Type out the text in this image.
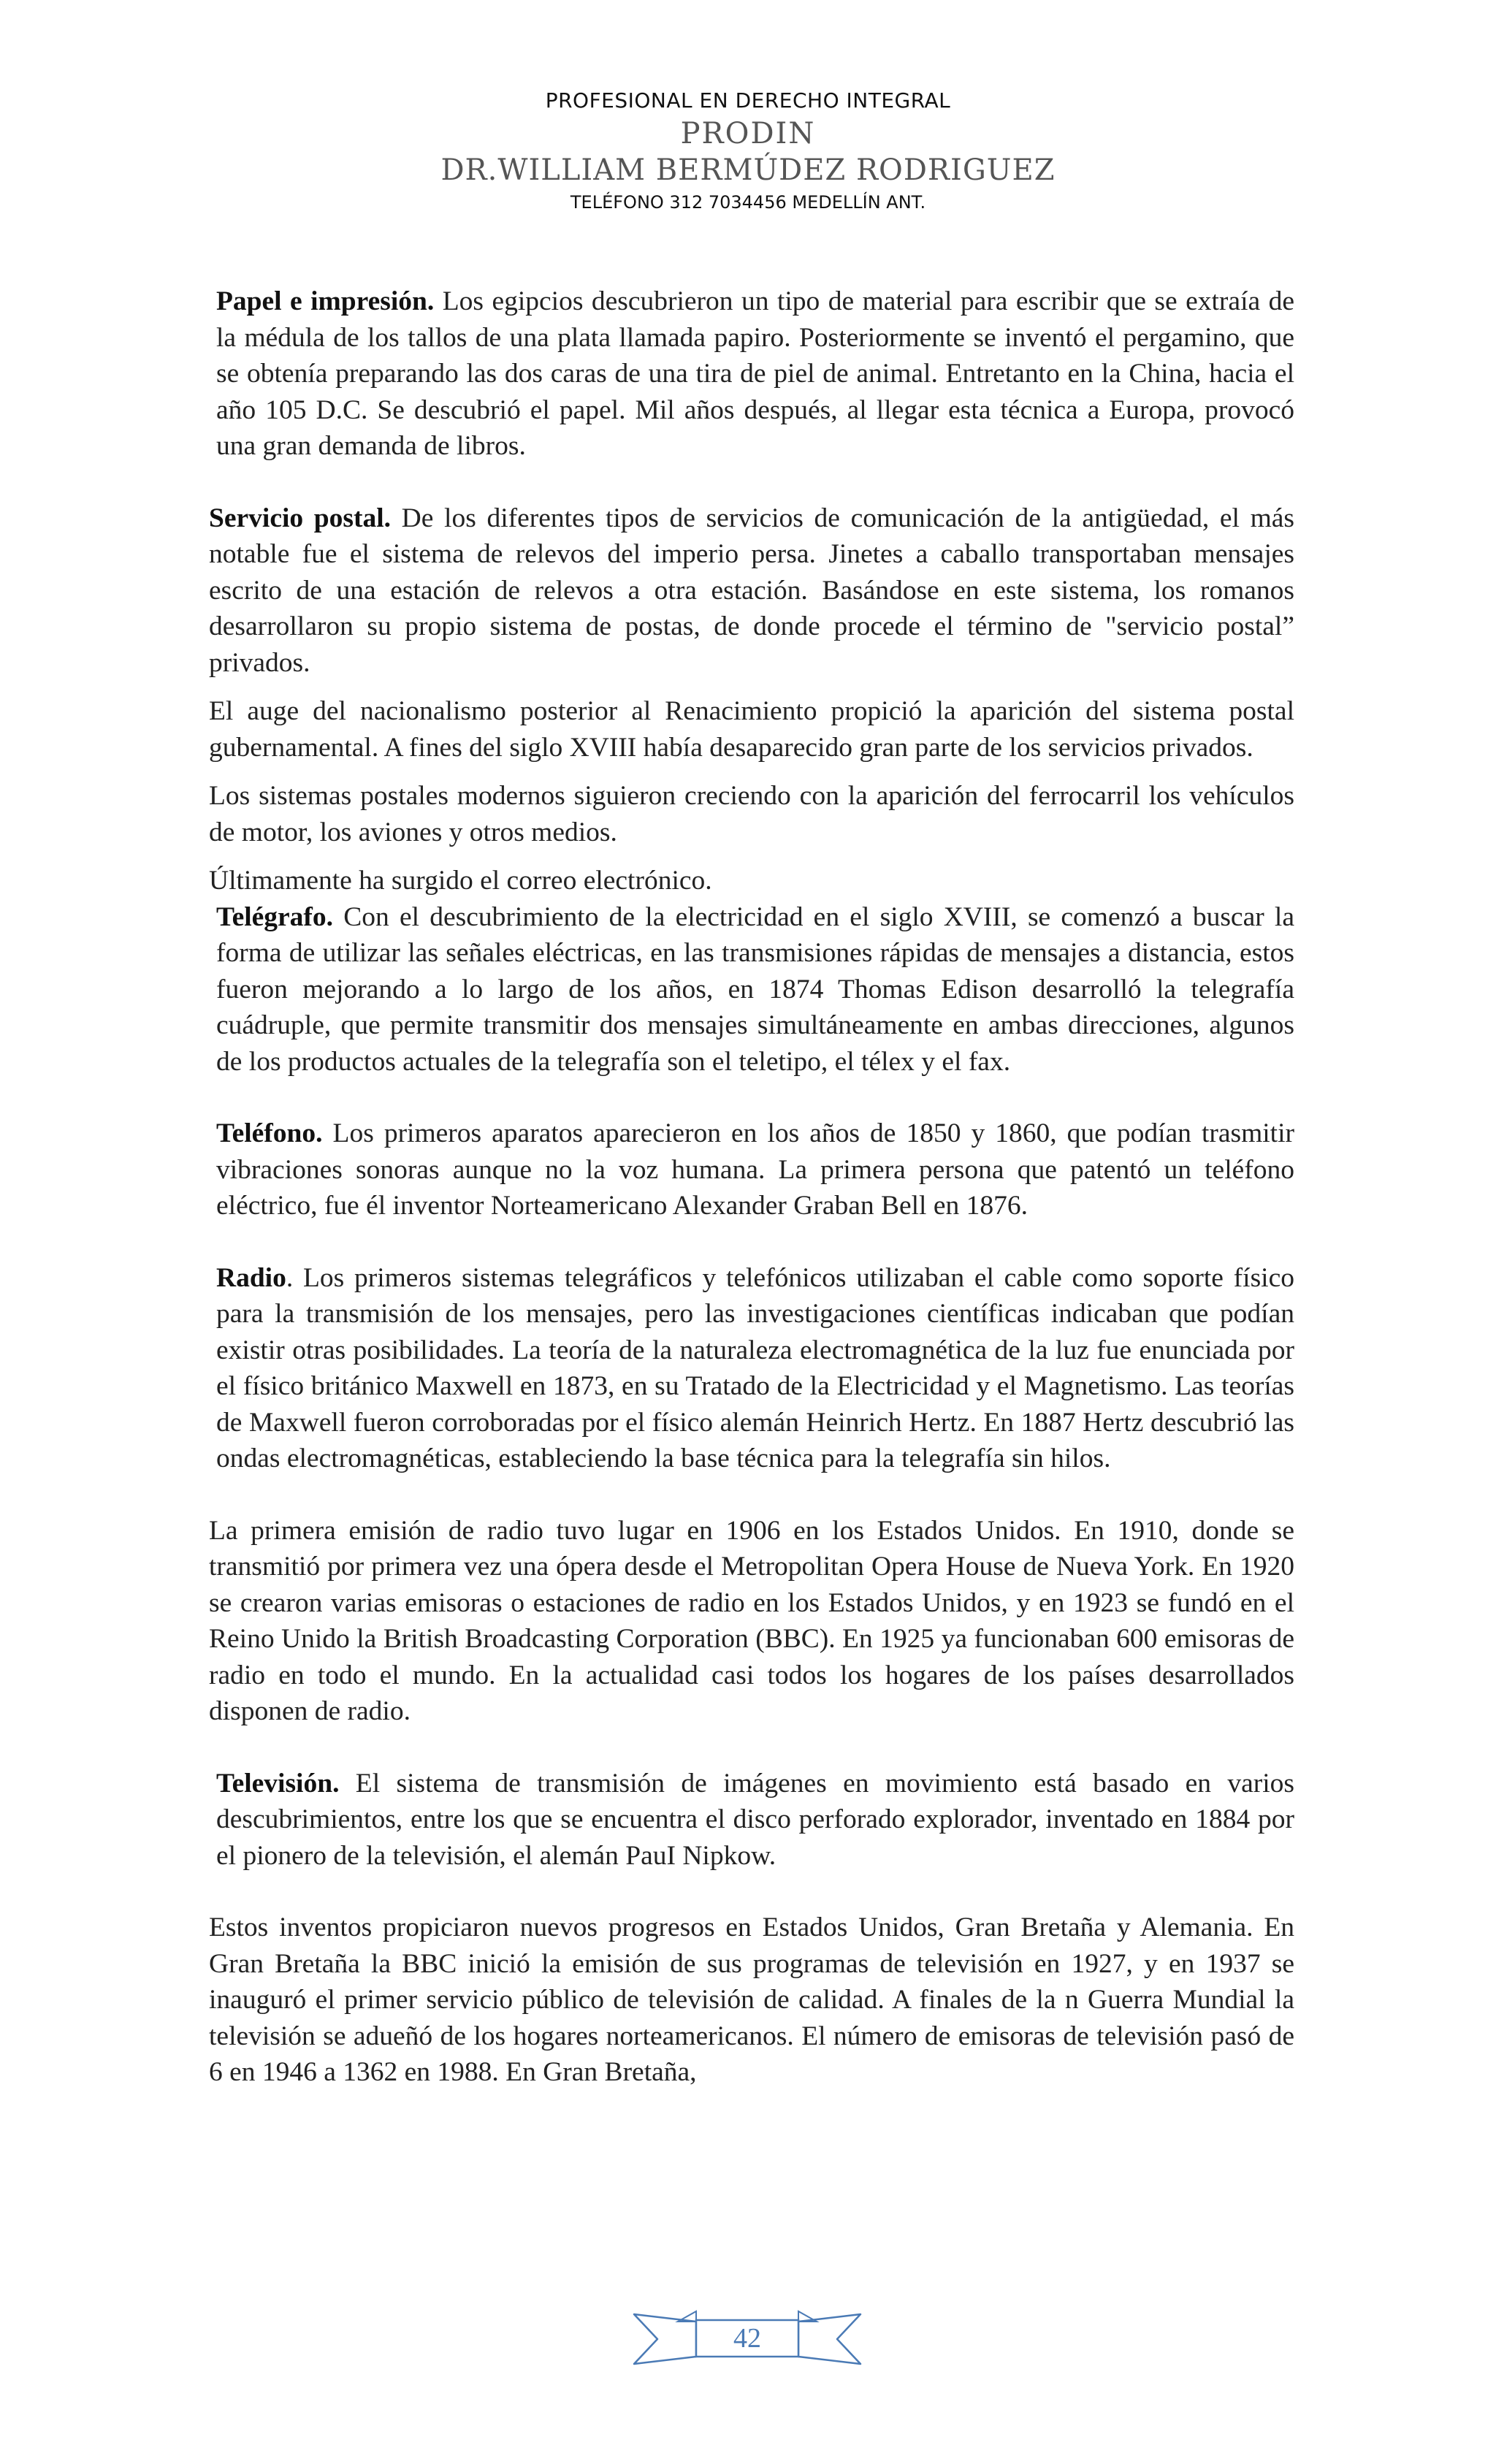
PROFESIONAL EN DERECHO INTEGRAL
PRODIN
DR.WILLIAM BERMÚDEZ RODRIGUEZ
TELÉFONO 312 7034456 MEDELLÍN ANT.

Papel e impresión. Los egipcios descubrieron un tipo de material para escribir que se extraía de la médula de los tallos de una plata llamada papiro. Posteriormente se inventó el pergamino, que se obtenía preparando las dos caras de una tira de piel de animal. Entretanto en la China, hacia el año 105 D.C. Se descubrió el papel. Mil años después, al llegar esta técnica a Europa, provocó una gran demanda de libros.

Servicio postal. De los diferentes tipos de servicios de comunicación de la antigüedad, el más notable fue el sistema de relevos del imperio persa. Jinetes a caballo transportaban mensajes escrito de una estación de relevos a otra estación. Basándose en este sistema, los romanos desarrollaron su propio sistema de postas, de donde procede el término de "servicio postal” privados.

El auge del nacionalismo posterior al Renacimiento propició la aparición del sistema postal gubernamental. A fines del siglo XVIII había desaparecido gran parte de los servicios privados.

Los sistemas postales modernos siguieron creciendo con la aparición del ferrocarril los vehículos de motor, los aviones y otros medios.

Últimamente ha surgido el correo electrónico.

Telégrafo. Con el descubrimiento de la electricidad en el siglo XVIII, se comenzó a buscar la forma de utilizar las señales eléctricas, en las transmisiones rápidas de mensajes a distancia, estos fueron mejorando a lo largo de los años, en 1874 Thomas Edison desarrolló la telegrafía cuádruple, que permite transmitir dos mensajes simultáneamente en ambas direcciones, algunos de los productos actuales de la telegrafía son el teletipo, el télex y el fax.

Teléfono. Los primeros aparatos aparecieron en los años de 1850 y 1860, que podían trasmitir vibraciones sonoras aunque no la voz humana. La primera persona que patentó un teléfono eléctrico, fue él inventor Norteamericano Alexander Graban Bell en 1876.

Radio. Los primeros sistemas telegráficos y telefónicos utilizaban el cable como soporte físico para la transmisión de los mensajes, pero las investigaciones científicas indicaban que podían existir otras posibilidades. La teoría de la naturaleza electromagnética de la luz fue enunciada por el físico británico Maxwell en 1873, en su Tratado de la Electricidad y el Magnetismo. Las teorías de Maxwell fueron corroboradas por el físico alemán Heinrich Hertz. En 1887 Hertz descubrió las ondas electromagnéticas, estableciendo la base técnica para la telegrafía sin hilos.

La primera emisión de radio tuvo lugar en 1906 en los Estados Unidos. En 1910, donde se transmitió por primera vez una ópera desde el Metropolitan Opera House de Nueva York. En 1920 se crearon varias emisoras o estaciones de radio en los Estados Unidos, y en 1923 se fundó en el Reino Unido la British Broadcasting Corporation (BBC). En 1925 ya funcionaban 600 emisoras de radio en todo el mundo. En la actualidad casi todos los hogares de los países desarrollados disponen de radio.

Televisión. El sistema de transmisión de imágenes en movimiento está basado en varios descubrimientos, entre los que se encuentra el disco perforado explorador, inventado en 1884 por el pionero de la televisión, el alemán PauI Nipkow.

Estos inventos propiciaron nuevos progresos en Estados Unidos, Gran Bretaña y Alemania. En Gran Bretaña la BBC inició la emisión de sus programas de televisión en 1927, y en 1937 se inauguró el primer servicio público de televisión de calidad. A finales de la n Guerra Mundial la televisión se adueñó de los hogares norteamericanos. El número de emisoras de televisión pasó de 6 en 1946 a 1362 en 1988. En Gran Bretaña,

42
